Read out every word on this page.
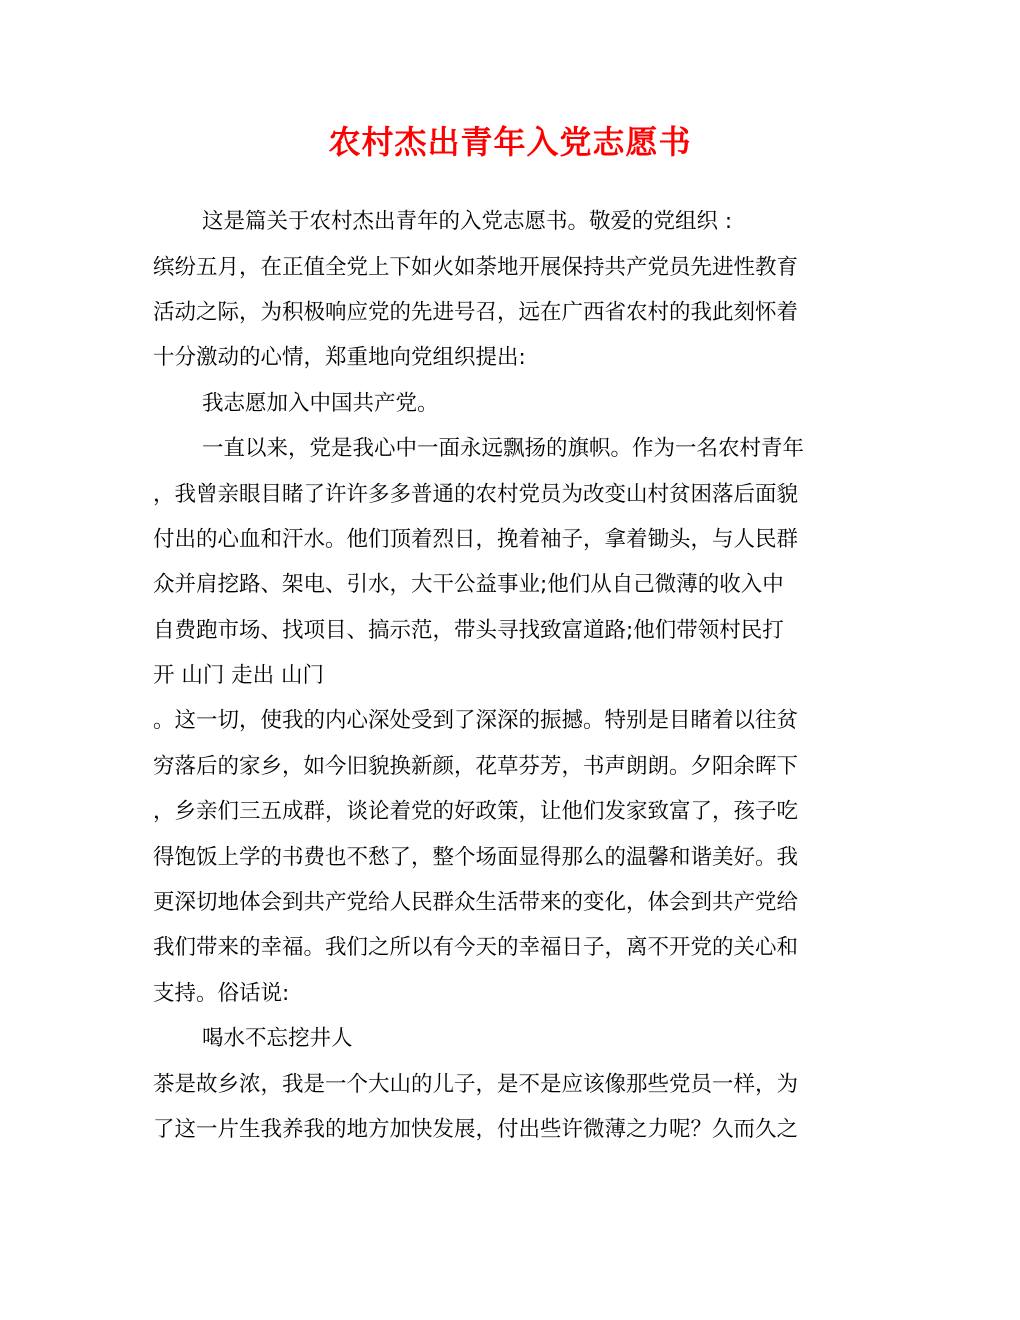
农村杰出青年入党志愿书

这是篇关于农村杰出青年的入党志愿书。敬爱的党组织 :

缤纷五月，在正值全党上下如火如荼地开展保持共产党员先进性教育

活动之际，为积极响应党的先进号召，远在广西省农村的我此刻怀着

十分激动的心情，郑重地向党组织提出:

我志愿加入中国共产党。

一直以来，党是我心中一面永远飘扬的旗帜。作为一名农村青年

，我曾亲眼目睹了许许多多普通的农村党员为改变山村贫困落后面貌

付出的心血和汗水。他们顶着烈日，挽着袖子，拿着锄头，与人民群

众并肩挖路、架电、引水，大干公益事业;他们从自己微薄的收入中

自费跑市场、找项目、搞示范，带头寻找致富道路;他们带领村民打

开 山门 走出 山门

。这一切，使我的内心深处受到了深深的振撼。特别是目睹着以往贫

穷落后的家乡，如今旧貌换新颜，花草芬芳，书声朗朗。夕阳余晖下

，乡亲们三五成群，谈论着党的好政策，让他们发家致富了，孩子吃

得饱饭上学的书费也不愁了，整个场面显得那么的温馨和谐美好。我

更深切地体会到共产党给人民群众生活带来的变化，体会到共产党给

我们带来的幸福。我们之所以有今天的幸福日子，离不开党的关心和

支持。俗话说:

喝水不忘挖井人

茶是故乡浓，我是一个大山的儿子，是不是应该像那些党员一样，为

了这一片生我养我的地方加快发展，付出些许微薄之力呢？久而久之
